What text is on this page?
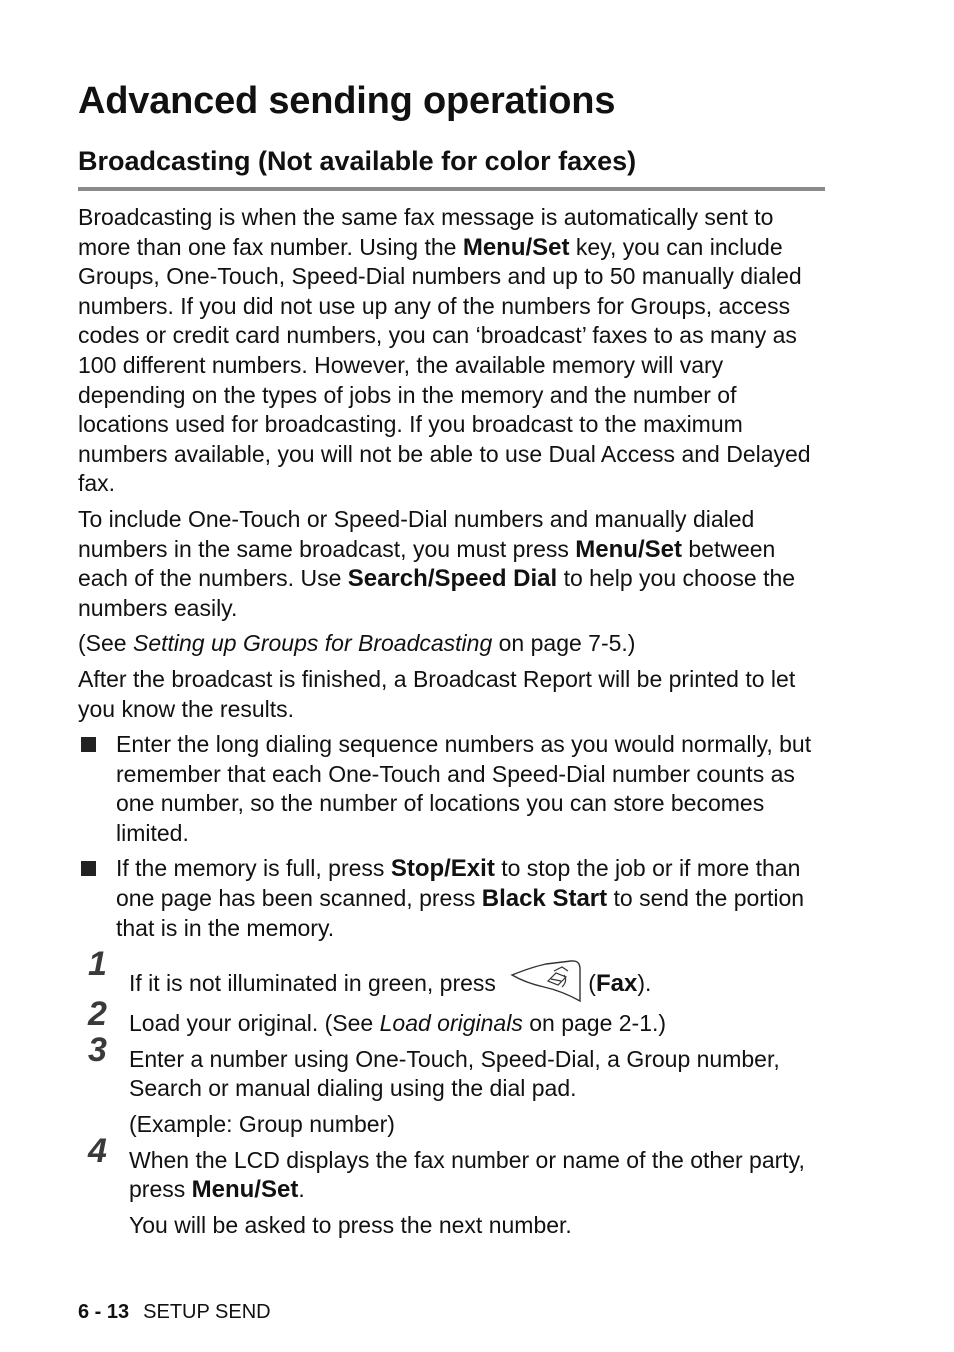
Advanced sending operations
Broadcasting (Not available for color faxes)

Broadcasting is when the same fax message is automatically sent to more than one fax number. Using the Menu/Set key, you can include Groups, One-Touch, Speed-Dial numbers and up to 50 manually dialed numbers. If you did not use up any of the numbers for Groups, access codes or credit card numbers, you can ‘broadcast’ faxes to as many as 100 different numbers. However, the available memory will vary depending on the types of jobs in the memory and the number of locations used for broadcasting. If you broadcast to the maximum numbers available, you will not be able to use Dual Access and Delayed fax.

To include One-Touch or Speed-Dial numbers and manually dialed numbers in the same broadcast, you must press Menu/Set between each of the numbers. Use Search/Speed Dial to help you choose the numbers easily.

(See Setting up Groups for Broadcasting on page 7-5.)

After the broadcast is finished, a Broadcast Report will be printed to let you know the results.

Enter the long dialing sequence numbers as you would normally, but remember that each One-Touch and Speed-Dial number counts as one number, so the number of locations you can store becomes limited.
If the memory is full, press Stop/Exit to stop the job or if more than one page has been scanned, press Black Start to send the portion that is in the memory.
1 If it is not illuminated in green, press	(Fax).
2 Load your original. (See Load originals on page 2-1.)
3 Enter a number using One-Touch, Speed-Dial, a Group number, Search or manual dialing using the dial pad.

(Example: Group number)

4 When the LCD displays the fax number or name of the other party, press Menu/Set.

You will be asked to press the next number.

6 - 13 SETUP SEND
